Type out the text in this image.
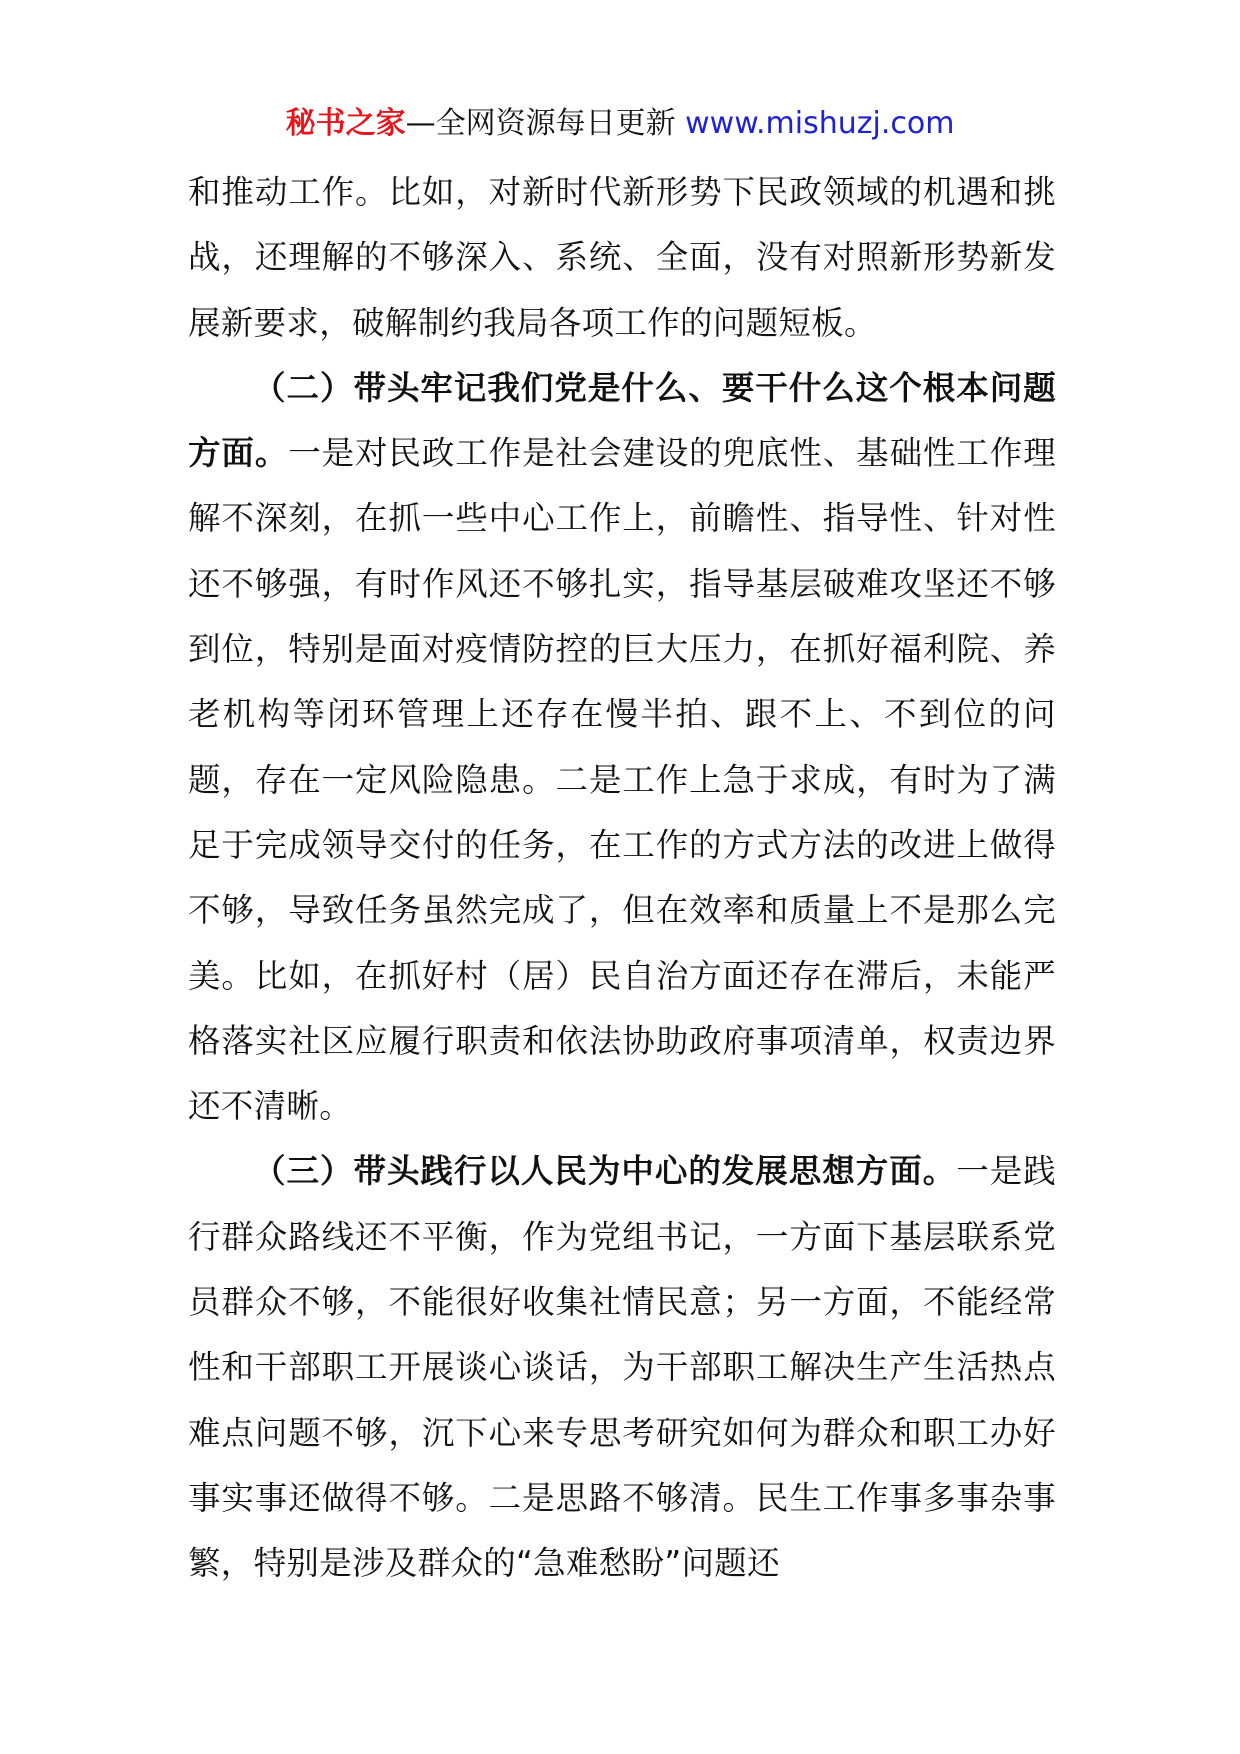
秘书之家—全网资源每日更新 www.mishuzj.com

和推动工作。比如，对新时代新形势下民政领域的机遇和挑战，还理解的不够深入、系统、全面，没有对照新形势新发展新要求，破解制约我局各项工作的问题短板。

（二）带头牢记我们党是什么、要干什么这个根本问题方面。一是对民政工作是社会建设的兜底性、基础性工作理解不深刻，在抓一些中心工作上，前瞻性、指导性、针对性还不够强，有时作风还不够扎实，指导基层破难攻坚还不够到位，特别是面对疫情防控的巨大压力，在抓好福利院、养老机构等闭环管理上还存在慢半拍、跟不上、不到位的问题，存在一定风险隐患。二是工作上急于求成，有时为了满足于完成领导交付的任务，在工作的方式方法的改进上做得不够，导致任务虽然完成了，但在效率和质量上不是那么完美。比如，在抓好村（居）民自治方面还存在滞后，未能严格落实社区应履行职责和依法协助政府事项清单，权责边界还不清晰。

（三）带头践行以人民为中心的发展思想方面。一是践行群众路线还不平衡，作为党组书记，一方面下基层联系党员群众不够，不能很好收集社情民意；另一方面，不能经常性和干部职工开展谈心谈话，为干部职工解决生产生活热点难点问题不够，沉下心来专思考研究如何为群众和职工办好事实事还做得不够。二是思路不够清。民生工作事多事杂事繁，特别是涉及群众的“急难愁盼”问题还
